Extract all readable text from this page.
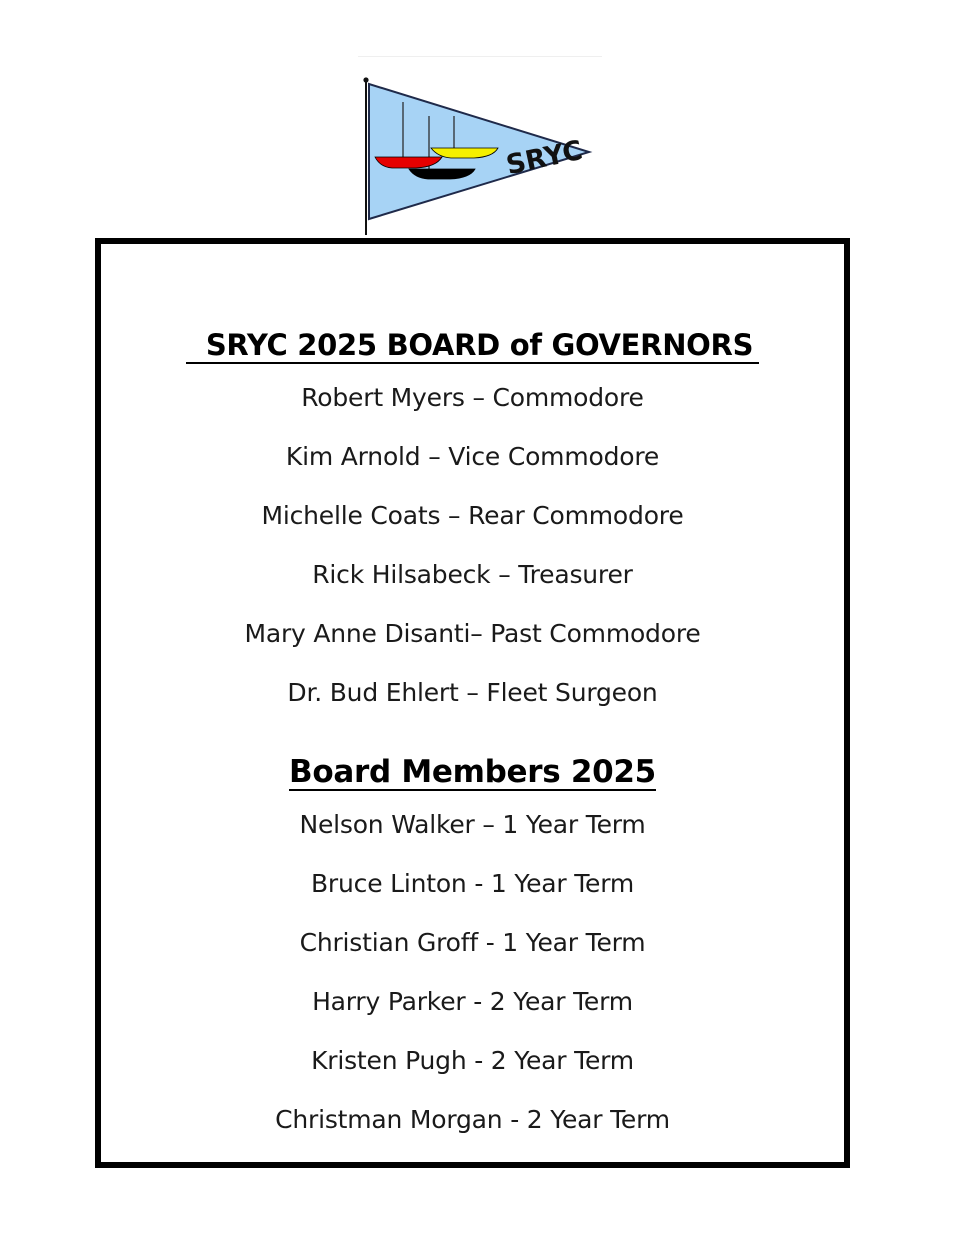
SRYC
SRYC 2025 BOARD of GOVERNORS
Robert Myers – Commodore
Kim Arnold – Vice Commodore
Michelle Coats – Rear Commodore
Rick Hilsabeck – Treasurer
Mary Anne Disanti– Past Commodore
Dr. Bud Ehlert – Fleet Surgeon
Board Members 2025
Nelson Walker – 1 Year Term
Bruce Linton - 1 Year Term
Christian Groff - 1 Year Term
Harry Parker - 2 Year Term
Kristen Pugh - 2 Year Term
Christman Morgan - 2 Year Term
